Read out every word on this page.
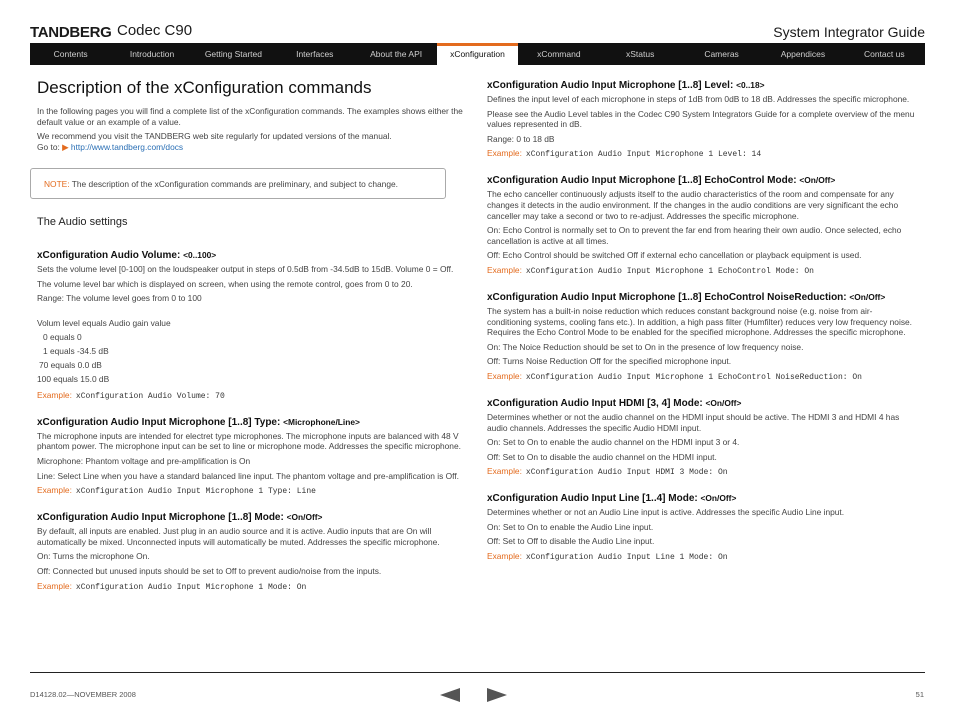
TANDBERG Codec C90	System Integrator Guide
Contents	Introduction	Getting Started	Interfaces	About the API	xConfiguration	xCommand	xStatus	Cameras	Appendices	Contact us
Description of the xConfiguration commands

In the following pages you will find a complete list of the xConfiguration commands. The examples shows either the default value or an example of a value.

We recommend you visit the TANDBERG web site regularly for updated versions of the manual.
Go to: ▶ http://www.tandberg.com/docs

NOTE: The description of the xConfiguration commands are preliminary, and subject to change.
The Audio settings
xConfiguration Audio Volume: <0..100>

Sets the volume level [0-100] on the loudspeaker output in steps of 0.5dB from -34.5dB to 15dB. Volume 0 = Off.

The volume level bar which is displayed on screen, when using the remote control, goes from 0 to 20.

Range: The volume level goes from 0 to 100

Volum level equals Audio gain value

0 equals 0

1 equals -34.5 dB

70 equals 0.0 dB

100 equals 15.0 dB

Example: xConfiguration Audio Volume: 70
xConfiguration Audio Input Microphone [1..8] Type: <Microphone/Line>

The microphone inputs are intended for electret type microphones. The microphone inputs are balanced with 48 V phantom power. The microphone input can be set to line or microphone mode. Addresses the specific microphone.

Microphone: Phantom voltage and pre-amplification is On

Line: Select Line when you have a standard balanced line input. The phantom voltage and pre-amplification is Off.

Example: xConfiguration Audio Input Microphone 1 Type: Line
xConfiguration Audio Input Microphone [1..8] Mode: <On/Off>

By default, all inputs are enabled. Just plug in an audio source and it is active. Audio inputs that are On will automatically be mixed. Unconnected inputs will automatically be muted. Addresses the specific microphone.

On: Turns the microphone On.

Off: Connected but unused inputs should be set to Off to prevent audio/noise from the inputs.

Example: xConfiguration Audio Input Microphone 1 Mode: On
xConfiguration Audio Input Microphone [1..8] Level: <0..18>

Defines the input level of each microphone in steps of 1dB from 0dB to 18 dB. Addresses the specific microphone.

Please see the Audio Level tables in the Codec C90 System Integrators Guide for a complete overview of the menu values represented in dB.

Range: 0 to 18 dB

Example: xConfiguration Audio Input Microphone 1 Level: 14
xConfiguration Audio Input Microphone [1..8] EchoControl Mode: <On/Off>

The echo canceller continuously adjusts itself to the audio characteristics of the room and compensate for any changes it detects in the audio environment. If the changes in the audio conditions are very significant the echo canceller may take a second or two to re-adjust. Addresses the specific microphone.

On: Echo Control is normally set to On to prevent the far end from hearing their own audio. Once selected, echo cancellation is active at all times.

Off: Echo Control should be switched Off if external echo cancellation or playback equipment is used.

Example: xConfiguration Audio Input Microphone 1 EchoControl Mode: On
xConfiguration Audio Input Microphone [1..8] EchoControl NoiseReduction: <On/Off>

The system has a built-in noise reduction which reduces constant background noise (e.g. noise from air-conditioning systems, cooling fans etc.). In addition, a high pass filter (Humfilter) reduces very low frequency noise. Requires the Echo Control Mode to be enabled for the specified microphone. Addresses the specific microphone.

On: The Noice Reduction should be set to On in the presence of low frequency noise.

Off: Turns Noise Reduction Off for the specified microphone input.

Example: xConfiguration Audio Input Microphone 1 EchoControl NoiseReduction: On
xConfiguration Audio Input HDMI [3, 4] Mode: <On/Off>

Determines whether or not the audio channel on the HDMI input should be active. The HDMI 3 and HDMI 4 has audio channels. Addresses the specific Audio HDMI input.

On: Set to On to enable the audio channel on the HDMI input 3 or 4.

Off: Set to On to disable the audio channel on the HDMI input.

Example: xConfiguration Audio Input HDMI 3 Mode: On
xConfiguration Audio Input Line [1..4] Mode: <On/Off>

Determines whether or not an Audio Line input is active. Addresses the specific Audio Line input.

On: Set to On to enable the Audio Line input.

Off: Set to Off to disable the Audio Line input.

Example: xConfiguration Audio Input Line 1 Mode: On
D14128.02—NOVEMBER 2008	51
